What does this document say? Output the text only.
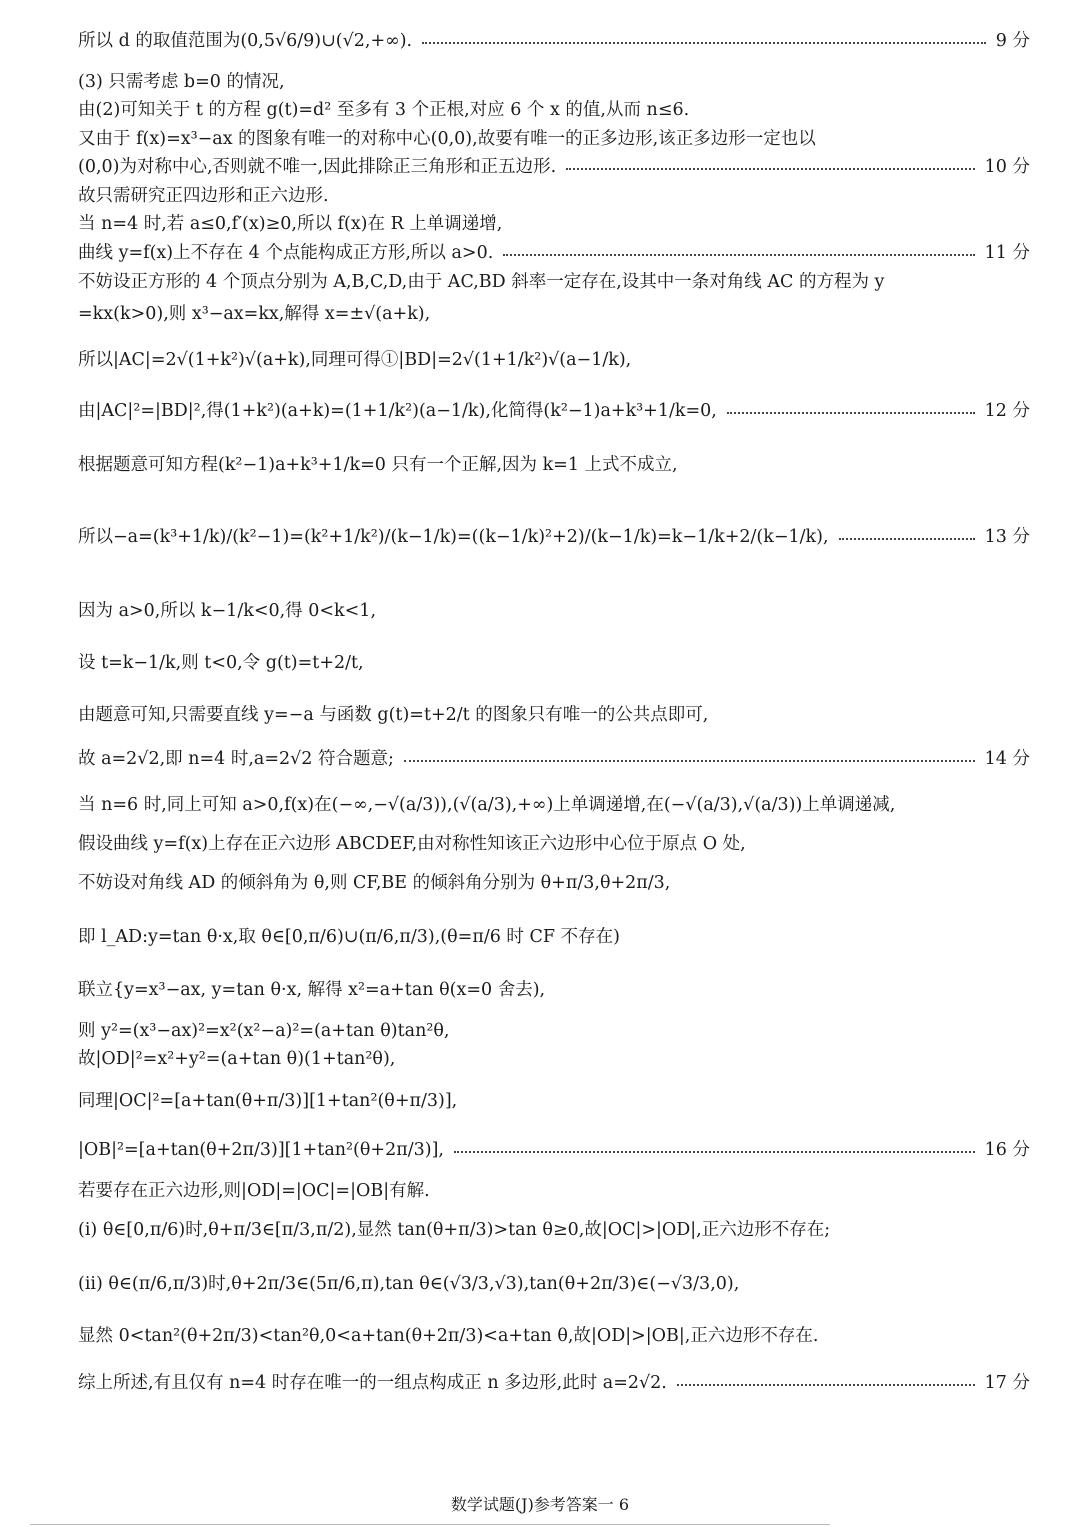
所以 d 的取值范围为(0,5√6/9)∪(√2,+∞).	9 分
(3) 只需考虑 b=0 的情况,
由(2)可知关于 t 的方程 g(t)=d² 至多有 3 个正根,对应 6 个 x 的值,从而 n≤6.
又由于 f(x)=x³−ax 的图象有唯一的对称中心(0,0),故要有唯一的正多边形,该正多边形一定也以
(0,0)为对称中心,否则就不唯一,因此排除正三角形和正五边形.	10 分
故只需研究正四边形和正六边形.
当 n=4 时,若 a≤0,f′(x)≥0,所以 f(x)在 R 上单调递增,
曲线 y=f(x)上不存在 4 个点能构成正方形,所以 a>0.	11 分
不妨设正方形的 4 个顶点分别为 A,B,C,D,由于 AC,BD 斜率一定存在,设其中一条对角线 AC 的方程为 y
=kx(k>0),则 x³−ax=kx,解得 x=±√(a+k),
所以|AC|=2√(1+k²)√(a+k),同理可得①|BD|=2√(1+1/k²)√(a−1/k),
由|AC|²=|BD|²,得(1+k²)(a+k)=(1+1/k²)(a−1/k),化简得(k²−1)a+k³+1/k=0,	12 分
根据题意可知方程(k²−1)a+k³+1/k=0 只有一个正解,因为 k=1 上式不成立,
所以−a=(k³+1/k)/(k²−1)=(k²+1/k²)/(k−1/k)=((k−1/k)²+2)/(k−1/k)=k−1/k+2/(k−1/k),	13 分
因为 a>0,所以 k−1/k<0,得 0<k<1,
设 t=k−1/k,则 t<0,令 g(t)=t+2/t,
由题意可知,只需要直线 y=−a 与函数 g(t)=t+2/t 的图象只有唯一的公共点即可,
故 a=2√2,即 n=4 时,a=2√2 符合题意;	14 分
当 n=6 时,同上可知 a>0,f(x)在(−∞,−√(a/3)),(√(a/3),+∞)上单调递增,在(−√(a/3),√(a/3))上单调递减,
假设曲线 y=f(x)上存在正六边形 ABCDEF,由对称性知该正六边形中心位于原点 O 处,
不妨设对角线 AD 的倾斜角为 θ,则 CF,BE 的倾斜角分别为 θ+π/3,θ+2π/3,
即 l_AD:y=tan θ·x,取 θ∈[0,π/6)∪(π/6,π/3),(θ=π/6 时 CF 不存在)
联立{y=x³−ax, y=tan θ·x, 解得 x²=a+tan θ(x=0 舍去),
则 y²=(x³−ax)²=x²(x²−a)²=(a+tan θ)tan²θ,
故|OD|²=x²+y²=(a+tan θ)(1+tan²θ),
同理|OC|²=[a+tan(θ+π/3)][1+tan²(θ+π/3)],
|OB|²=[a+tan(θ+2π/3)][1+tan²(θ+2π/3)],	16 分
若要存在正六边形,则|OD|=|OC|=|OB|有解.
(i) θ∈[0,π/6)时,θ+π/3∈[π/3,π/2),显然 tan(θ+π/3)>tan θ≥0,故|OC|>|OD|,正六边形不存在;
(ii) θ∈(π/6,π/3)时,θ+2π/3∈(5π/6,π),tan θ∈(√3/3,√3),tan(θ+2π/3)∈(−√3/3,0),
显然 0<tan²(θ+2π/3)<tan²θ,0<a+tan(θ+2π/3)<a+tan θ,故|OD|>|OB|,正六边形不存在.
综上所述,有且仅有 n=4 时存在唯一的一组点构成正 n 多边形,此时 a=2√2.	17 分
数学试题(J)参考答案一 6
